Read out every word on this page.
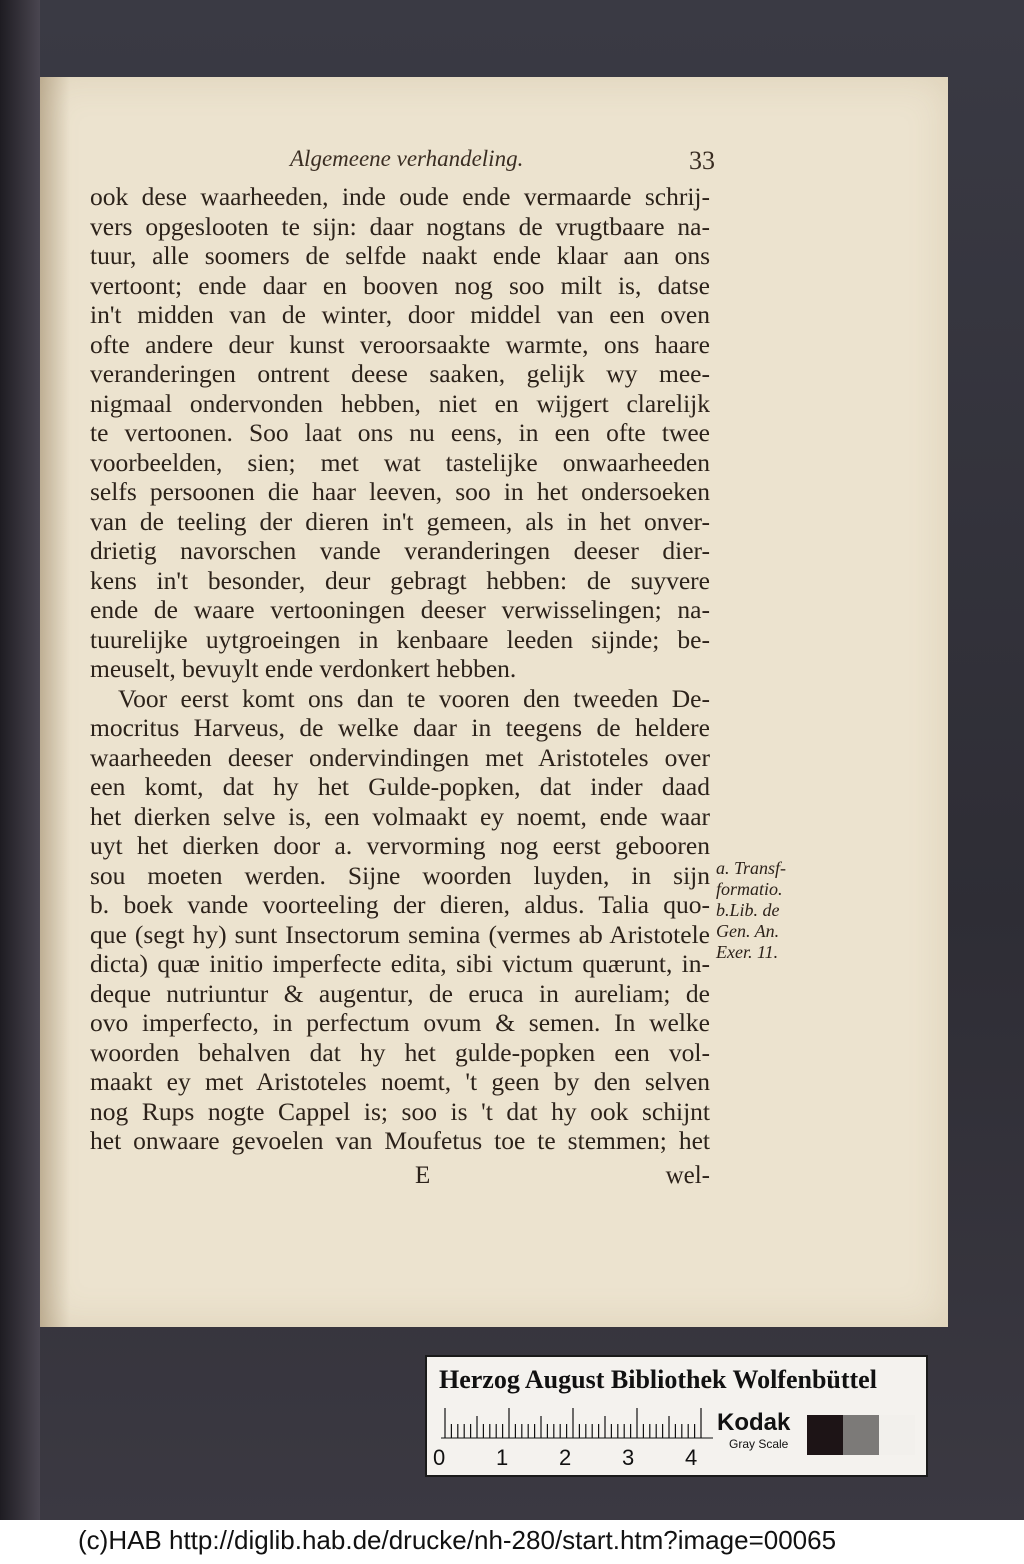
Algemeene verhandeling.	33
ook dese waarheeden, inde oude ende vermaarde schrij-
vers opgeslooten te sijn: daar nogtans de vrugtbaare na-
tuur, alle soomers de selfde naakt ende klaar aan ons
vertoont; ende daar en booven nog soo milt is, datse
in't midden van de winter, door middel van een oven
ofte andere deur kunst veroorsaakte warmte, ons haare
veranderingen ontrent deese saaken, gelijk wy mee-
nigmaal ondervonden hebben, niet en wijgert clarelijk
te vertoonen. Soo laat ons nu eens, in een ofte twee
voorbeelden, sien; met wat tastelijke onwaarheeden
selfs persoonen die haar leeven, soo in het ondersoeken
van de teeling der dieren in't gemeen, als in het onver-
drietig navorschen vande veranderingen deeser dier-
kens in't besonder, deur gebragt hebben: de suyvere
ende de waare vertooningen deeser verwisselingen; na-
tuurelijke uytgroeingen in kenbaare leeden sijnde; be-
meuselt, bevuylt ende verdonkert hebben.
Voor eerst komt ons dan te vooren den tweeden De-
mocritus Harveus, de welke daar in teegens de heldere
waarheeden deeser ondervindingen met Aristoteles over
een komt, dat hy het Gulde-popken, dat inder daad
het dierken selve is, een volmaakt ey noemt, ende waar
uyt het dierken door a. vervorming nog eerst gebooren
sou moeten werden. Sijne woorden luyden, in sijn
b. boek vande voorteeling der dieren, aldus. Talia quo-
que (segt hy) sunt Insectorum semina (vermes ab Aristotele
dicta) quæ initio imperfecte edita, sibi victum quærunt, in-
deque nutriuntur & augentur, de eruca in aureliam; de
ovo imperfecto, in perfectum ovum & semen. In welke
woorden behalven dat hy het gulde-popken een vol-
maakt ey met Aristoteles noemt, 't geen by den selven
nog Rups nogte Cappel is; soo is 't dat hy ook schijnt
het onwaare gevoelen van Moufetus toe te stemmen; het
a. Transf-
formatio.
b.Lib. de
Gen. An.
Exer. 11.
E	wel-
Herzog August Bibliothek Wolfenbüttel
0 1 2 3 4
Kodak
Gray Scale
(c)HAB http://diglib.hab.de/drucke/nh-280/start.htm?image=00065
